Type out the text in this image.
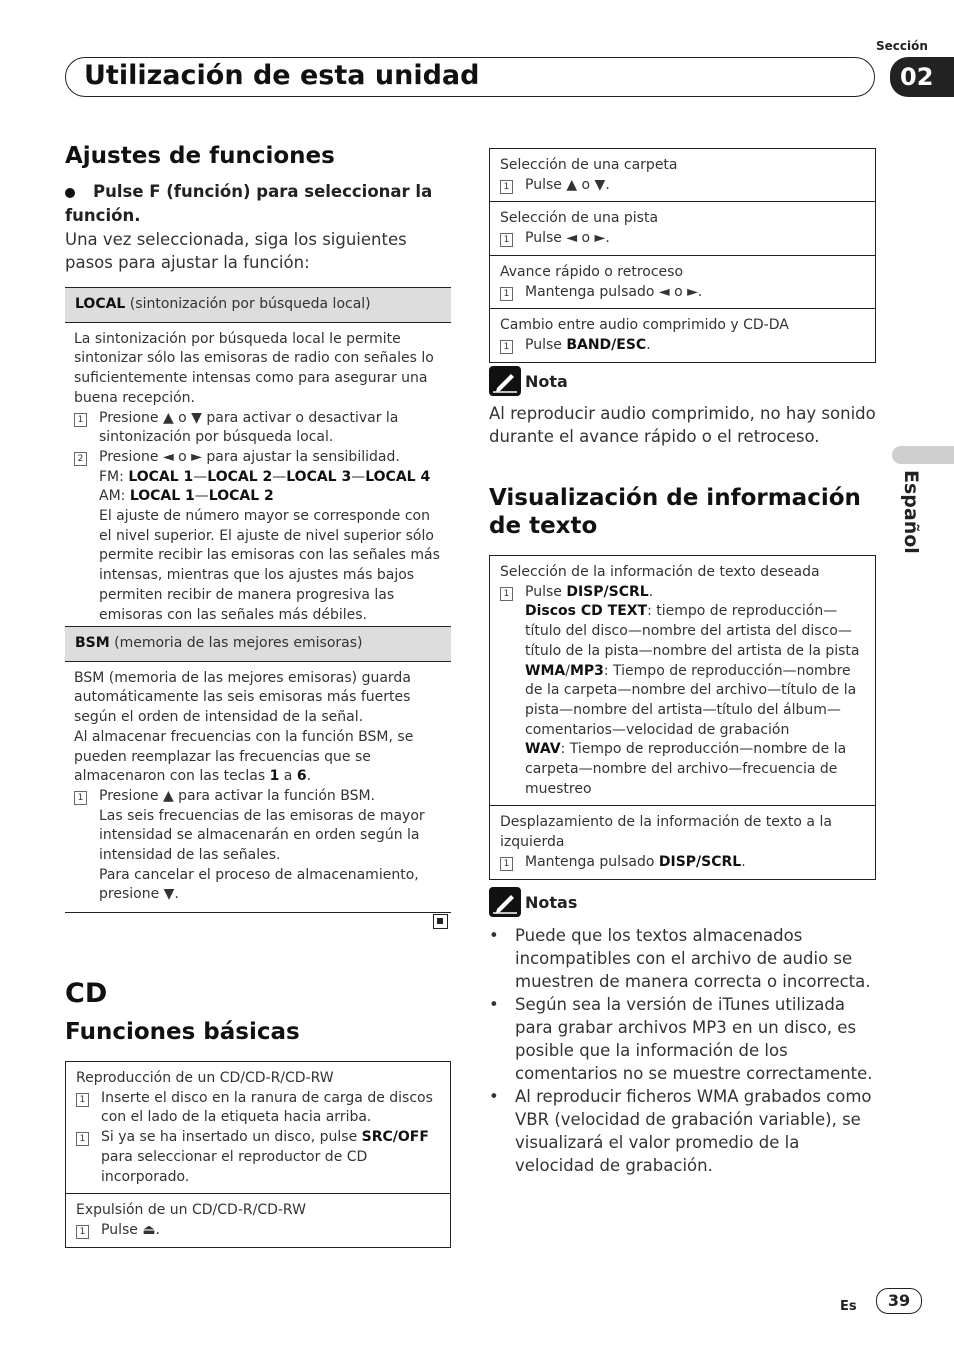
Sección
Utilización de esta unidad	02
Español
Ajustes de funciones
Pulse F (función) para seleccionar la función.
Una vez seleccionada, siga los siguientes pasos para ajustar la función:
LOCAL (sintonización por búsqueda local)
La sintonización por búsqueda local le permite sintonizar sólo las emisoras de radio con señales lo suficientemente intensas como para asegurar una buena recepción.
1 Presione ▲ o ▼ para activar o desactivar la sintonización por búsqueda local.
2 Presione ◄ o ► para ajustar la sensibilidad.
FM: LOCAL 1—LOCAL 2—LOCAL 3—LOCAL 4
AM: LOCAL 1—LOCAL 2
El ajuste de número mayor se corresponde con el nivel superior. El ajuste de nivel superior sólo permite recibir las emisoras con las señales más intensas, mientras que los ajustes más bajos permiten recibir de manera progresiva las emisoras con las señales más débiles.
BSM (memoria de las mejores emisoras)
BSM (memoria de las mejores emisoras) guarda automáticamente las seis emisoras más fuertes según el orden de intensidad de la señal.
Al almacenar frecuencias con la función BSM, se pueden reemplazar las frecuencias que se almacenaron con las teclas 1 a 6.
1 Presione ▲ para activar la función BSM.
Las seis frecuencias de las emisoras de mayor intensidad se almacenarán en orden según la intensidad de las señales.
Para cancelar el proceso de almacenamiento, presione ▼.
CD
Funciones básicas
Reproducción de un CD/CD-R/CD-RW
1 Inserte el disco en la ranura de carga de discos con el lado de la etiqueta hacia arriba.
1 Si ya se ha insertado un disco, pulse SRC/OFF para seleccionar el reproductor de CD incorporado.
Expulsión de un CD/CD-R/CD-RW
1 Pulse ⏏.
Selección de una carpeta
1 Pulse ▲ o ▼.
Selección de una pista
1 Pulse ◄ o ►.
Avance rápido o retroceso
1 Mantenga pulsado ◄ o ►.
Cambio entre audio comprimido y CD-DA
1 Pulse BAND/ESC.
Nota
Al reproducir audio comprimido, no hay sonido durante el avance rápido o el retroceso.
Visualización de información de texto
Selección de la información de texto deseada
1 Pulse DISP/SCRL.
Discos CD TEXT: tiempo de reproducción—título del disco—nombre del artista del disco—título de la pista—nombre del artista de la pista
WMA/MP3: Tiempo de reproducción—nombre de la carpeta—nombre del archivo—título de la pista—nombre del artista—título del álbum—comentarios—velocidad de grabación
WAV: Tiempo de reproducción—nombre de la carpeta—nombre del archivo—frecuencia de muestreo
Desplazamiento de la información de texto a la izquierda
1 Mantenga pulsado DISP/SCRL.
Notas
• Puede que los textos almacenados incompatibles con el archivo de audio se muestren de manera correcta o incorrecta.
• Según sea la versión de iTunes utilizada para grabar archivos MP3 en un disco, es posible que la información de los comentarios no se muestre correctamente.
• Al reproducir ficheros WMA grabados como VBR (velocidad de grabación variable), se visualizará el valor promedio de la velocidad de grabación.
Es	39
